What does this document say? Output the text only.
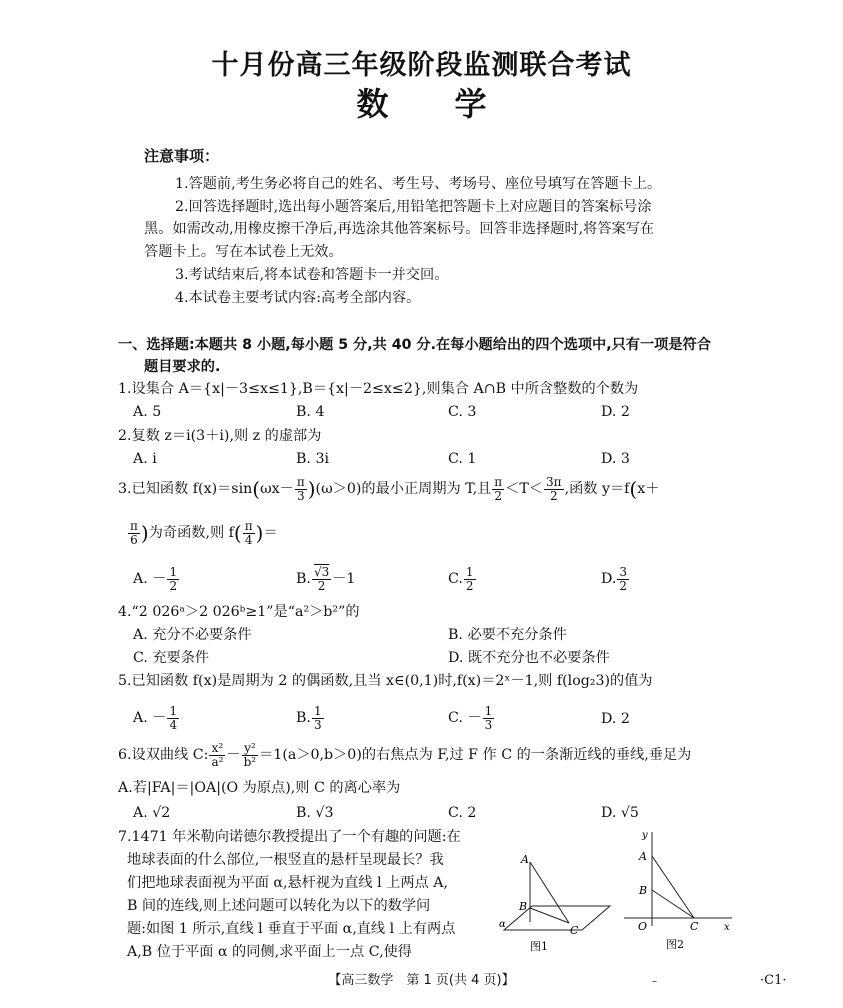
十月份高三年级阶段监测联合考试
数 学
注意事项：
1.答题前,考生务必将自己的姓名、考生号、考场号、座位号填写在答题卡上。
2.回答选择题时,选出每小题答案后,用铅笔把答题卡上对应题目的答案标号涂
黑。如需改动,用橡皮擦干净后,再选涂其他答案标号。回答非选择题时,将答案写在
答题卡上。写在本试卷上无效。
3.考试结束后,将本试卷和答题卡一并交回。
4.本试卷主要考试内容:高考全部内容。
一、选择题:本题共 8 小题,每小题 5 分,共 40 分.在每小题给出的四个选项中,只有一项是符合
题目要求的.
1.设集合 A＝{x|－3≤x≤1},B＝{x|－2≤x≤2},则集合 A∩B 中所含整数的个数为
A. 5	B. 4	C. 3	D. 2
2.复数 z＝i(3＋i),则 z 的虚部为
A. i	B. 3i	C. 1	D. 3
3.已知函数 $f(x)=\sin(\omega x- \frac{\pi}{3} )(\omega>0)$的最小正周期为 T,且 $\frac{\pi}{2} <T< \frac{3\pi}{2}$ ,函数 y＝f(x＋
$\frac{\pi}{6}$ )为奇函数,则 $f( \frac{\pi}{4}$ )＝
A. － $\frac{1}{2}$	B. $\frac{√3}{2} -1$	C. $\frac{1}{2}$	D. $\frac{3}{2}$
4.“2 026ᵃ＞2 026ᵇ≥1”是“a²＞b²”的
A. 充分不必要条件	B. 必要不充分条件
C. 充要条件	D. 既不充分也不必要条件
5.已知函数 f(x)是周期为 2 的偶函数,且当 x∈(0,1)时,f(x)＝2ˣ－1,则 f(log₂3)的值为
A. － $\frac{1}{4}$	B. $\frac{1}{3}$	C. － $\frac{1}{3}$	D. 2
6.设双曲线 C: $\frac{\text{x²}}{\text{a²}} - \frac{\text{y²}}{\text{b²}} =1(a>0,b>0)$的右焦点为 F,过 F 作 C 的一条渐近线的垂线,垂足为
A.若|FA|＝|OA|(O 为原点),则 C 的离心率为
A. √2	B. √3	C. 2	D. √5
7.1471 年米勒向诺德尔教授提出了一个有趣的问题:在
地球表面的什么部位,一根竖直的悬杆呈现最长？我
们把地球表面视为平面 α,悬杆视为直线 l 上两点 A,
B 间的连线,则上述问题可以转化为以下的数学问
题:如图 1 所示,直线 l 垂直于平面 α,直线 l 上有两点
A,B 位于平面 α 的同侧,求平面上一点 C,使得
A
B
C
α
图1
y
A
B
O	C	x
图2
【高三数学　第 1 页(共 4 页)】	–	·C1·
